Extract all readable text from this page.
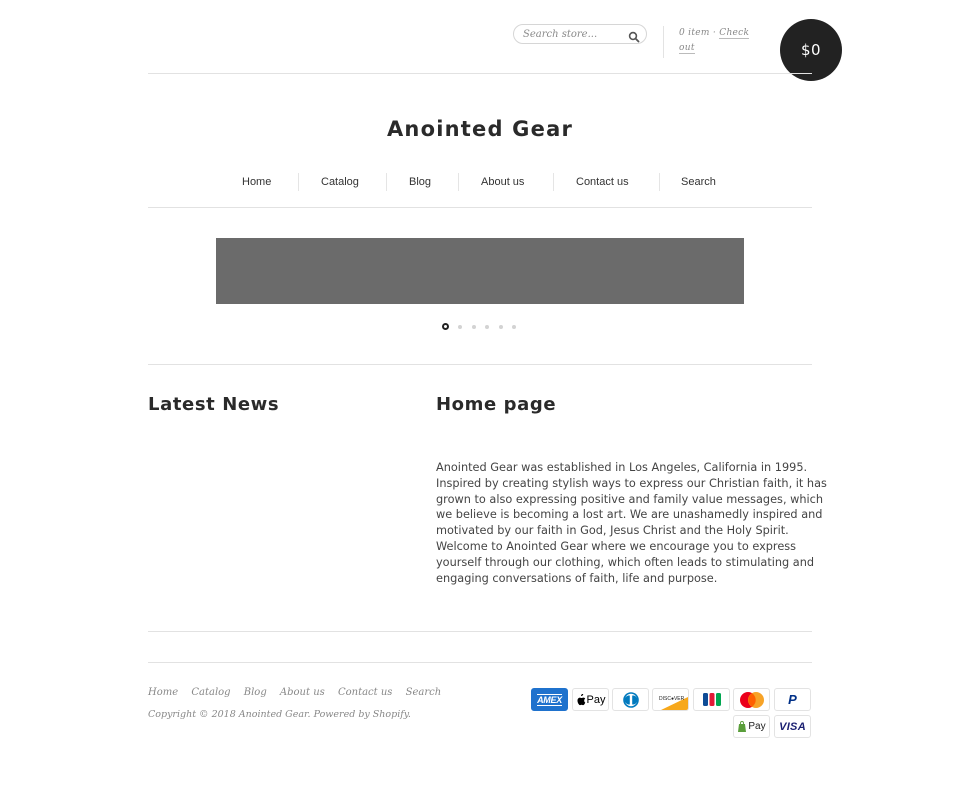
Search store...
0 item · Check
out	$0
Anointed Gear
Home	Catalog	Blog	About us	Contact us	Search
Latest News	Home page
Anointed Gear was established in Los Angeles, California in 1995. Inspired by creating stylish ways to express our Christian faith, it has grown to also expressing positive and family value messages, which we believe is becoming a lost art. We are unashamedly inspired and motivated by our faith in God, Jesus Christ and the Holy Spirit. Welcome to Anointed Gear where we encourage you to express yourself through our clothing, which often leads to stimulating and engaging conversations of faith, life and purpose.
Home Catalog Blog About us Contact us Search
Copyright © 2018 Anointed Gear. Powered by Shopify.
AMEX Pay	DISC●VER	P
Pay VISA
